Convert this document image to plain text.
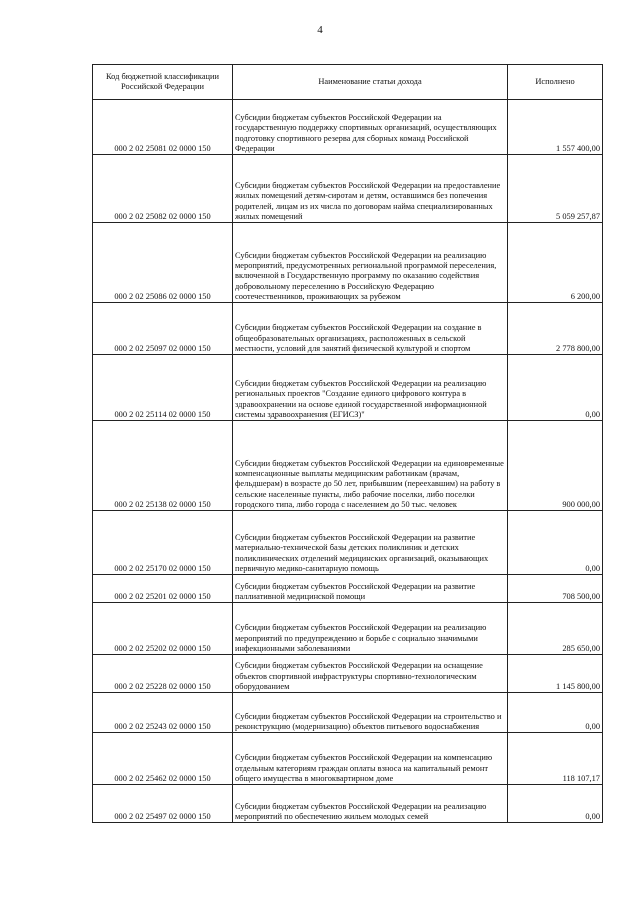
4
Код бюджетной классификации Российской Федерации	Наименование статьи дохода	Исполнено
000 2 02 25081 02 0000 150	Субсидии бюджетам субъектов Российской Федерации на государственную поддержку спортивных организаций, осуществляющих подготовку спортивного резерва для сборных команд Российской Федерации	1 557 400,00
000 2 02 25082 02 0000 150	Субсидии бюджетам субъектов Российской Федерации на предоставление жилых помещений детям-сиротам и детям, оставшимся без попечения родителей, лицам из их числа по договорам найма специализированных жилых помещений	5 059 257,87
000 2 02 25086 02 0000 150	Субсидии бюджетам субъектов Российской Федерации на реализацию мероприятий, предусмотренных региональной программой переселения, включенной в Государственную программу по оказанию содействия добровольному переселению в Российскую Федерацию соотечественников, проживающих за рубежом	6 200,00
000 2 02 25097 02 0000 150	Субсидии бюджетам субъектов Российской Федерации на создание в общеобразовательных организациях, расположенных в сельской местности, условий для занятий физической культурой и спортом	2 778 800,00
000 2 02 25114 02 0000 150	Субсидии бюджетам субъектов Российской Федерации на реализацию региональных проектов "Создание единого цифрового контура в здравоохранении на основе единой государственной информационной системы здравоохранения (ЕГИСЗ)"	0,00
000 2 02 25138 02 0000 150	Субсидии бюджетам субъектов Российской Федерации на единовременные компенсационные выплаты медицинским работникам (врачам, фельдшерам) в возрасте до 50 лет, прибывшим (переехавшим) на работу в сельские населенные пункты, либо рабочие поселки, либо поселки городского типа, либо города с населением до 50 тыс. человек	900 000,00
000 2 02 25170 02 0000 150	Субсидии бюджетам субъектов Российской Федерации на развитие материально-технической базы детских поликлиник и детских поликлинических отделений медицинских организаций, оказывающих первичную медико-санитарную помощь	0,00
000 2 02 25201 02 0000 150	Субсидии бюджетам субъектов Российской Федерации на развитие паллиативной медицинской помощи	708 500,00
000 2 02 25202 02 0000 150	Субсидии бюджетам субъектов Российской Федерации на реализацию мероприятий по предупреждению и борьбе с социально значимыми инфекционными заболеваниями	285 650,00
000 2 02 25228 02 0000 150	Субсидии бюджетам субъектов Российской Федерации на оснащение объектов спортивной инфраструктуры спортивно-технологическим оборудованием	1 145 800,00
000 2 02 25243 02 0000 150	Субсидии бюджетам субъектов Российской Федерации на строительство и реконструкцию (модернизацию) объектов питьевого водоснабжения	0,00
000 2 02 25462 02 0000 150	Субсидии бюджетам субъектов Российской Федерации на компенсацию отдельным категориям граждан оплаты взноса на капитальный ремонт общего имущества в многоквартирном доме	118 107,17
000 2 02 25497 02 0000 150	Субсидии бюджетам субъектов Российской Федерации на реализацию мероприятий по обеспечению жильем молодых семей	0,00
